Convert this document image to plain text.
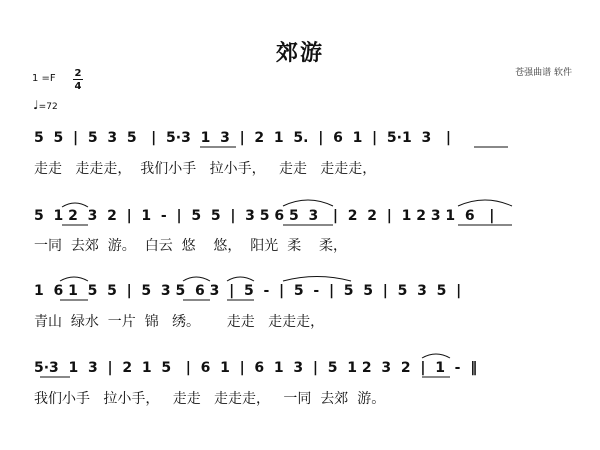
郊游
苍强曲谱 软件
1 =F 2
4
♩=72
5  5  |  5  3  5   |  5·3  1  3  |  2  1  5.  |  6  1  |  5·1  3   |
走走   走走走，  我们小手   拉小手，   走走   走走走，
5  1 2  3  2  |  1  -  |  5  5  |  3 5 6 5  3   |  2  2  |  1 2 3 1  6   |
一同  去郊  游。  白云  悠    悠，  阳光  柔    柔，
1  6 1  5  5  |  5  3 5  6 3  |  5  -  |  5  -  |  5  5  |  5  3  5  |
青山  绿水  一片  锦   绣。      走走   走走走，
5·3  1  3  |  2  1  5   |  6  1  |  6  1  3  |  5  1 2  3  2  |  1  -  ‖
我们小手   拉小手，   走走   走走走，   一同  去郊  游。
